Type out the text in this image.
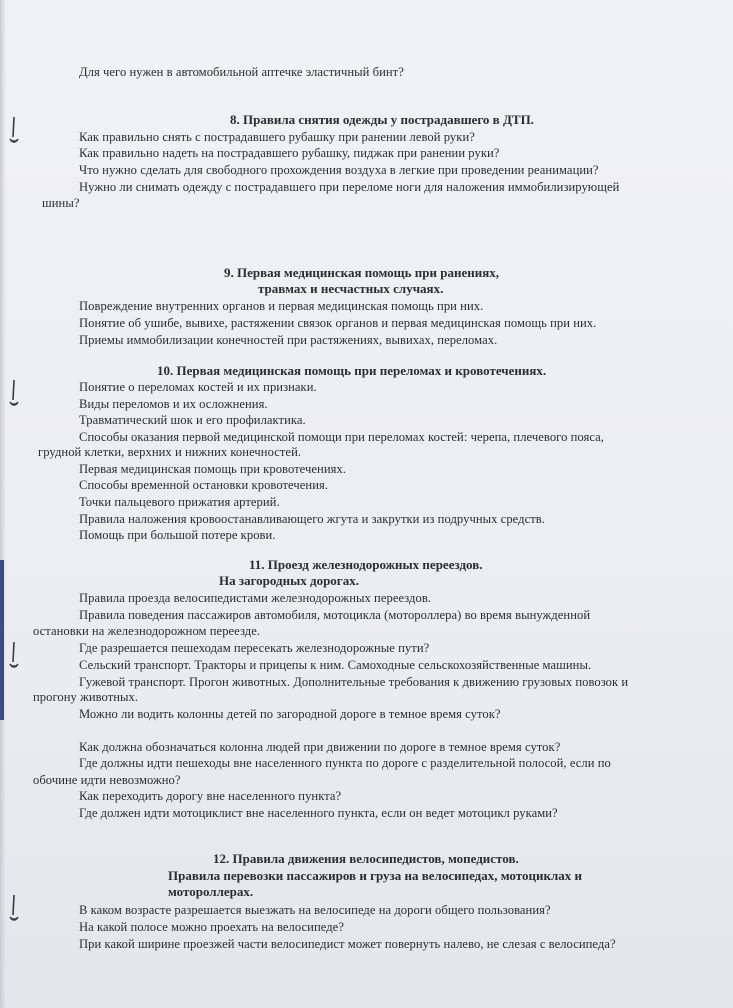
Для чего нужен в автомобильной аптечке эластичный бинт?
8. Правила снятия одежды у пострадавшего в ДТП.
Как правильно снять с пострадавшего рубашку при ранении левой руки?
Как правильно надеть на пострадавшего рубашку, пиджак при ранении руки?
Что нужно сделать для свободного прохождения воздуха в легкие при проведении реанимации?
Нужно ли снимать одежду с пострадавшего при переломе ноги для наложения иммобилизирующей
шины?
9. Первая медицинская помощь при ранениях,
травмах и несчастных случаях.
Повреждение внутренних органов и первая медицинская помощь при них.
Понятие об ушибе, вывихе, растяжении связок органов и первая медицинская помощь при них.
Приемы иммобилизации конечностей при растяжениях, вывихах, переломах.
10. Первая медицинская помощь при переломах и кровотечениях.
Понятие о переломах костей и их признаки.
Виды переломов и их осложнения.
Травматический шок и его профилактика.
Способы оказания первой медицинской помощи при переломах костей: черепа, плечевого пояса,
грудной клетки, верхних и нижних конечностей.
Первая медицинская помощь при кровотечениях.
Способы временной остановки кровотечения.
Точки пальцевого прижатия артерий.
Правила наложения кровоостанавливающего жгута и закрутки из подручных средств.
Помощь при большой потере крови.
11. Проезд железнодорожных переездов.
На загородных дорогах.
Правила проезда велосипедистами железнодорожных переездов.
Правила поведения пассажиров автомобиля, мотоцикла (мотороллера) во время вынужденной
остановки на железнодорожном переезде.
Где разрешается пешеходам пересекать железнодорожные пути?
Сельский транспорт. Тракторы и прицепы к ним. Самоходные сельскохозяйственные машины.
Гужевой транспорт. Прогон животных. Дополнительные требования к движению грузовых повозок и
прогону животных.
Можно ли водить колонны детей по загородной дороге в темное время суток?
Как должна обозначаться колонна людей при движении по дороге в темное время суток?
Где должны идти пешеходы вне населенного пункта по дороге с разделительной полосой, если по
обочине идти невозможно?
Как переходить дорогу вне населенного пункта?
Где должен идти мотоциклист вне населенного пункта, если он ведет мотоцикл руками?
12. Правила движения велосипедистов, мопедистов.
Правила перевозки пассажиров и груза на велосипедах, мотоциклах и
мотороллерах.
В каком возрасте разрешается выезжать на велосипеде на дороги общего пользования?
На какой полосе можно проехать на велосипеде?
При какой ширине проезжей части велосипедист может повернуть налево, не слезая с велосипеда?
